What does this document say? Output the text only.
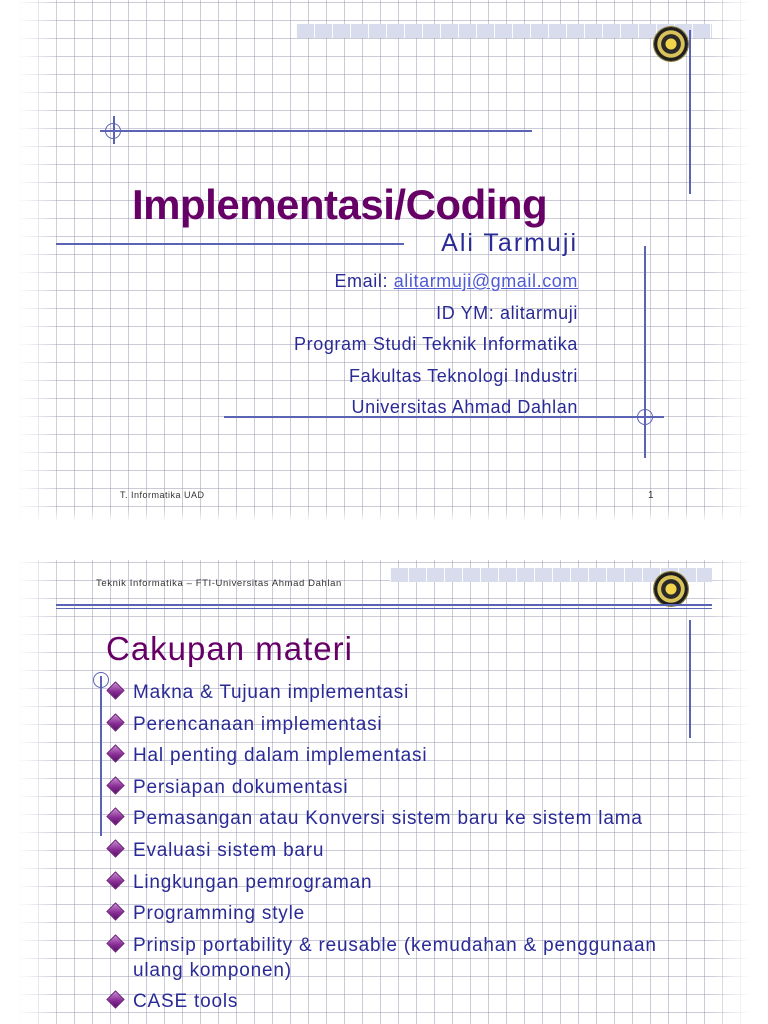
Implementasi/Coding
Ali Tarmuji
Email: alitarmuji@gmail.com
ID YM: alitarmuji
Program Studi Teknik Informatika
Fakultas Teknologi Industri
Universitas Ahmad Dahlan
T. Informatika UAD	1
Teknik Informatika – FTI-Universitas Ahmad Dahlan
Cakupan materi
Makna & Tujuan implementasi
Perencanaan implementasi
Hal penting dalam implementasi
Persiapan dokumentasi
Pemasangan atau Konversi sistem baru ke sistem lama
Evaluasi sistem baru
Lingkungan pemrograman
Programming style
Prinsip portability & reusable (kemudahan & penggunaan ulang komponen)
CASE tools
